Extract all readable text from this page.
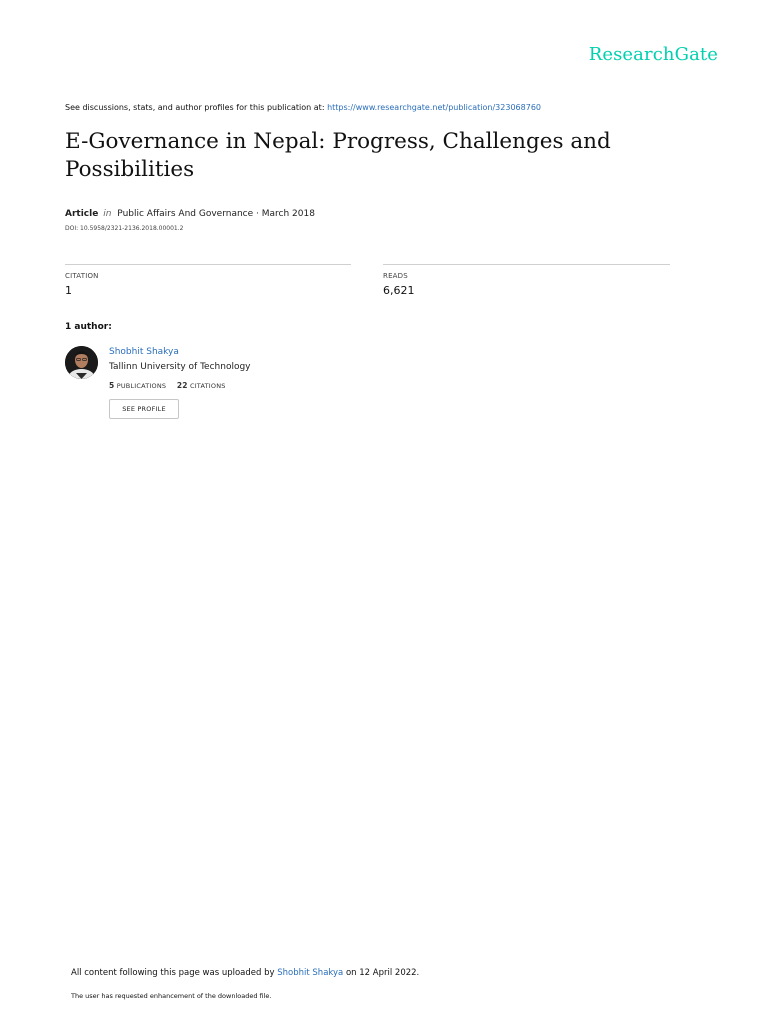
ResearchGate
See discussions, stats, and author profiles for this publication at: https://www.researchgate.net/publication/323068760
E-Governance in Nepal: Progress, Challenges and Possibilities
Article in Public Affairs And Governance · March 2018
DOI: 10.5958/2321-2136.2018.00001.2
CITATION
1
READS
6,621
1 author:
Shobhit Shakya
Tallinn University of Technology
5 PUBLICATIONS 22 CITATIONS
SEE PROFILE
All content following this page was uploaded by Shobhit Shakya on 12 April 2022.
The user has requested enhancement of the downloaded file.
